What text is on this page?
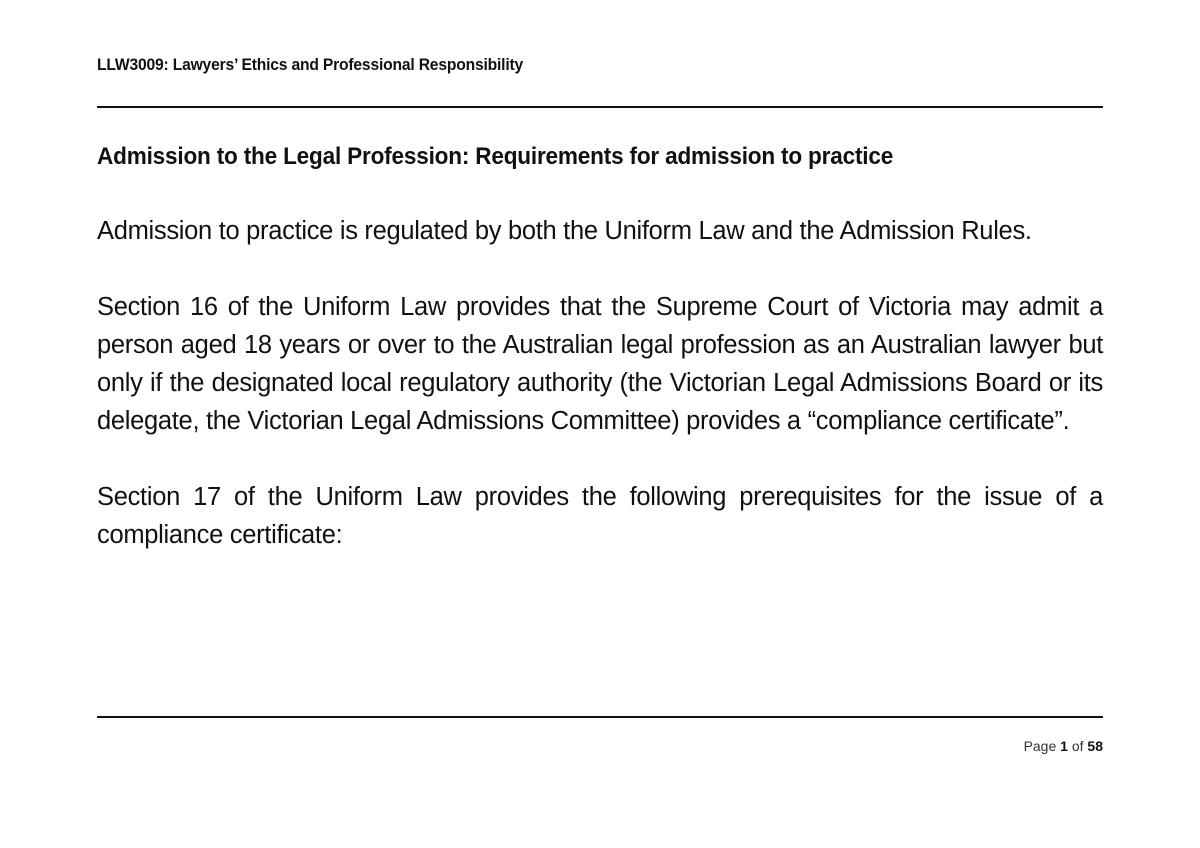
LLW3009: Lawyers’ Ethics and Professional Responsibility
Admission to the Legal Profession: Requirements for admission to practice

Admission to practice is regulated by both the Uniform Law and the Admission Rules.

Section 16 of the Uniform Law provides that the Supreme Court of Victoria may admit a person aged 18 years or over to the Australian legal profession as an Australian lawyer but only if the designated local regulatory authority (the Victorian Legal Admissions Board or its delegate, the Victorian Legal Admissions Committee) provides a “compliance certificate”.

Section 17 of the Uniform Law provides the following prerequisites for the issue of a compliance certificate:

Page 1 of 58
